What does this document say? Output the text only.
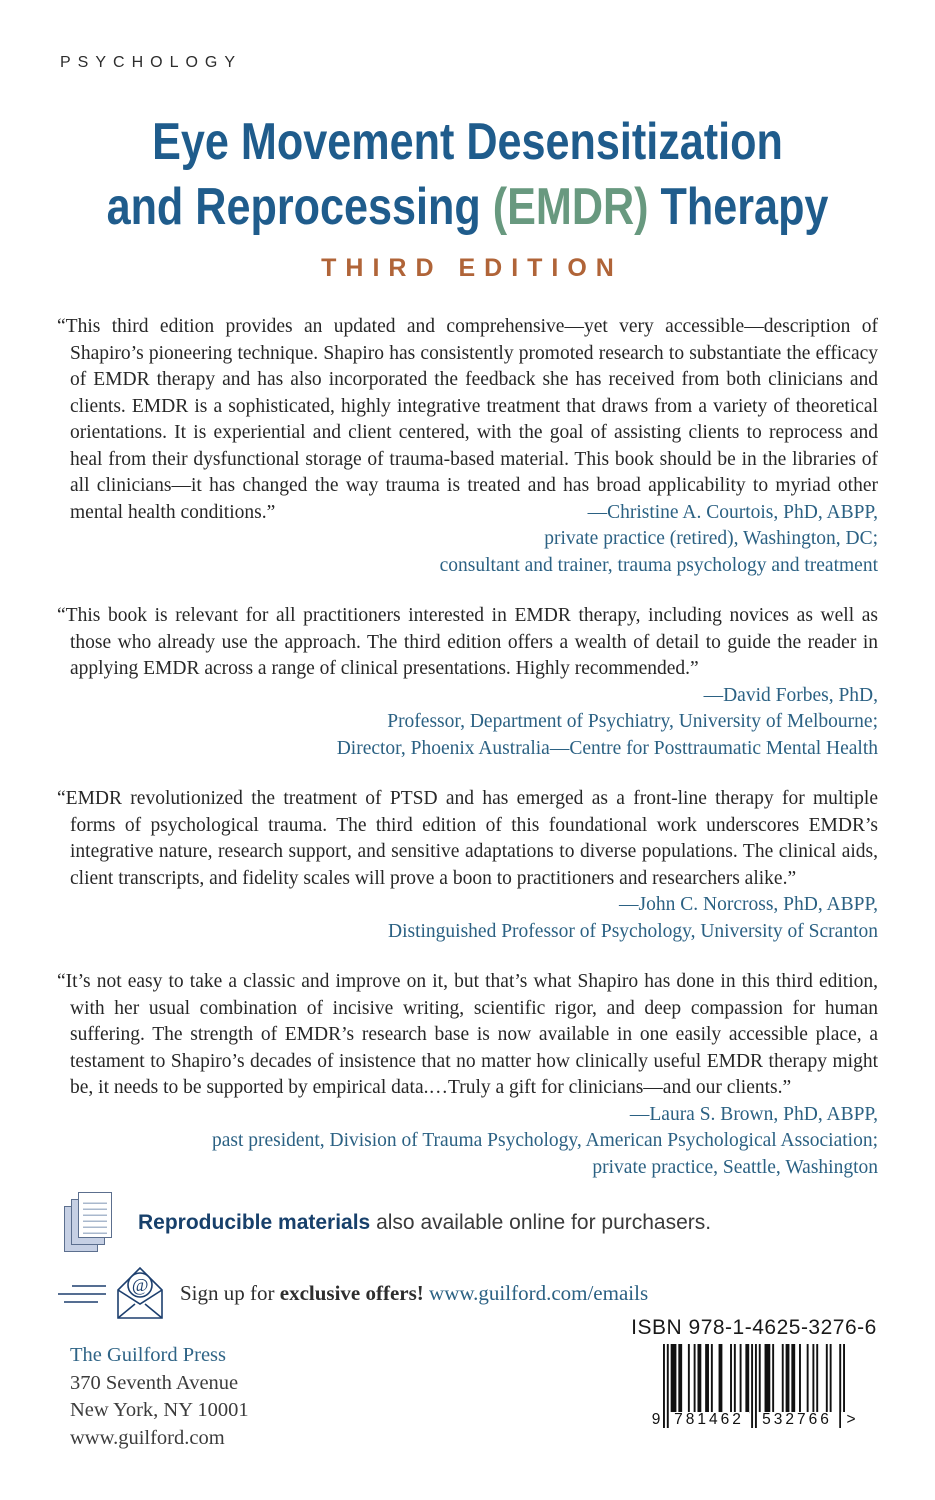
PSYCHOLOGY
Eye Movement Desensitization
and Reprocessing (EMDR) Therapy
THIRD EDITION
“This third edition provides an updated and comprehensive—yet very accessible—description of Shapiro’s pioneering technique. Shapiro has consistently promoted research to substantiate the efficacy of EMDR therapy and has also incorporated the feedback she has received from both clinicians and clients. EMDR is a sophisticated, highly integrative treatment that draws from a variety of theoretical orientations. It is experiential and client centered, with the goal of assisting clients to reprocess and heal from their dysfunctional storage of trauma-based material. This book should be in the libraries of all clinicians—it has changed the way trauma is treated and has broad applicability to myriad other mental health conditions.”	—Christine A. Courtois, PhD, ABPP,
private practice (retired), Washington, DC;
consultant and trainer, trauma psychology and treatment
“This book is relevant for all practitioners interested in EMDR therapy, including novices as well as those who already use the approach. The third edition offers a wealth of detail to guide the reader in applying EMDR across a range of clinical presentations. Highly recommended.”
—David Forbes, PhD,
Professor, Department of Psychiatry, University of Melbourne;
Director, Phoenix Australia—Centre for Posttraumatic Mental Health
“EMDR revolutionized the treatment of PTSD and has emerged as a front-line therapy for multiple forms of psychological trauma. The third edition of this foundational work underscores EMDR’s integrative nature, research support, and sensitive adaptations to diverse populations. The clinical aids, client transcripts, and fidelity scales will prove a boon to practitioners and researchers alike.”
—John C. Norcross, PhD, ABPP,
Distinguished Professor of Psychology, University of Scranton
“It’s not easy to take a classic and improve on it, but that’s what Shapiro has done in this third edition, with her usual combination of incisive writing, scientific rigor, and deep compassion for human suffering. The strength of EMDR’s research base is now available in one easily accessible place, a testament to Shapiro’s decades of insistence that no matter how clinically useful EMDR therapy might be, it needs to be supported by empirical data.…Truly a gift for clinicians—and our clients.”
—Laura S. Brown, PhD, ABPP,
past president, Division of Trauma Psychology, American Psychological Association;
private practice, Seattle, Washington
Reproducible materials also available online for purchasers.
@ Sign up for exclusive offers! www.guilford.com/emails
The Guilford Press
370 Seventh Avenue
New York, NY 10001
www.guilford.com
ISBN 978-1-4625-3276-6
9 781462	532766 >
